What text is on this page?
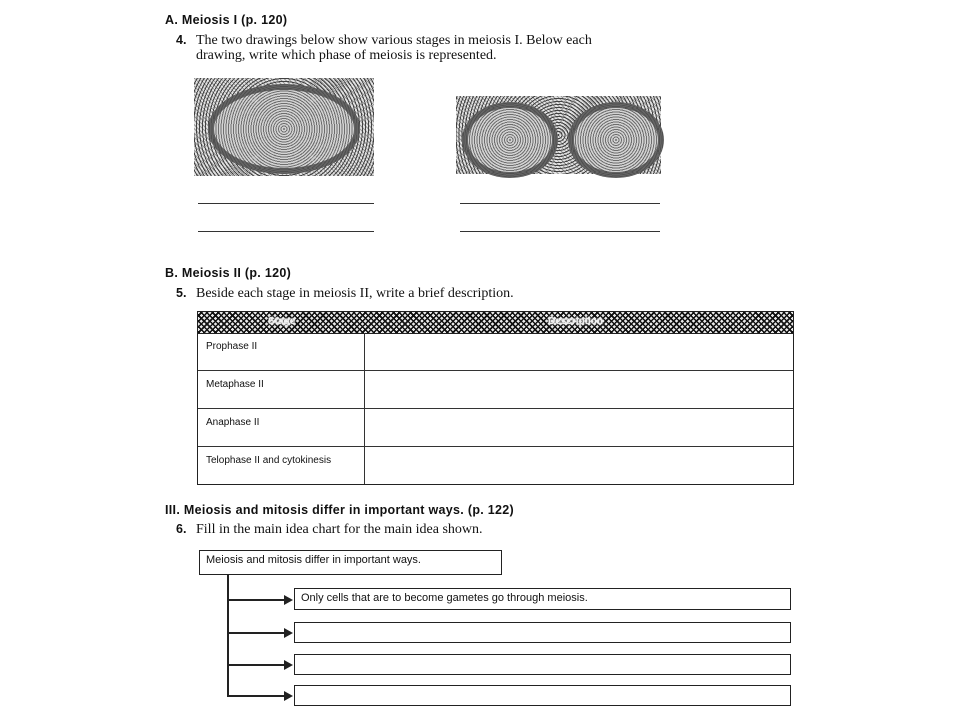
A. Meiosis I (p. 120)
4. The two drawings below show various stages in meiosis I. Below each
drawing, write which phase of meiosis is represented.
B. Meiosis II (p. 120)
5. Beside each stage in meiosis II, write a brief description.
Stage	Description
Prophase II
Metaphase II
Anaphase II
Telophase II and cytokinesis
III. Meiosis and mitosis differ in important ways. (p. 122)
6. Fill in the main idea chart for the main idea shown.
Meiosis and mitosis differ in important ways.
Only cells that are to become gametes go through meiosis.
